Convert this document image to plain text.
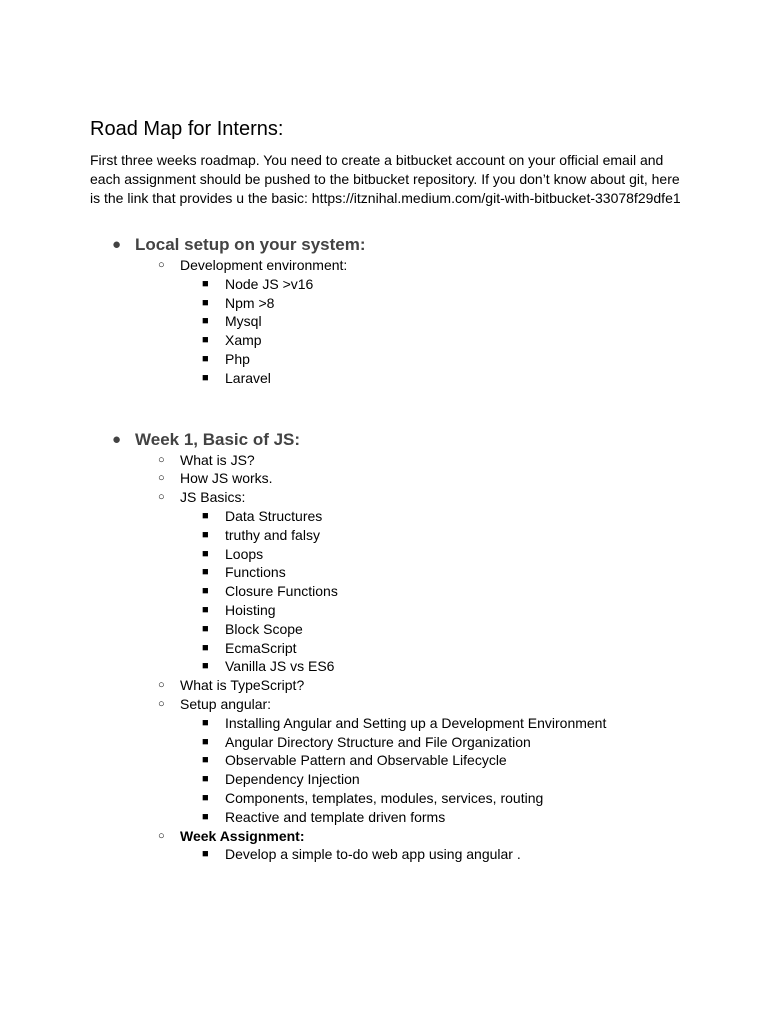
Road Map for Interns:

First three weeks roadmap. You need to create a bitbucket account on your official email and each assignment should be pushed to the bitbucket repository. If you don’t know about git, here is the link that provides u the basic: https://itznihal.medium.com/git-with-bitbucket-33078f29dfe1

● Local setup on your system:
○ Development environment:
■ Node JS >v16
■ Npm >8
■ Mysql
■ Xamp
■ Php
■ Laravel
● Week 1, Basic of JS:
○ What is JS?
○ How JS works.
○ JS Basics:
■ Data Structures
■ truthy and falsy
■ Loops
■ Functions
■ Closure Functions
■ Hoisting
■ Block Scope
■ EcmaScript
■ Vanilla JS vs ES6
○ What is TypeScript?
○ Setup angular:
■ Installing Angular and Setting up a Development Environment
■ Angular Directory Structure and File Organization
■ Observable Pattern and Observable Lifecycle
■ Dependency Injection
■ Components, templates, modules, services, routing
■ Reactive and template driven forms
○ Week Assignment:
■ Develop a simple to-do web app using angular .
